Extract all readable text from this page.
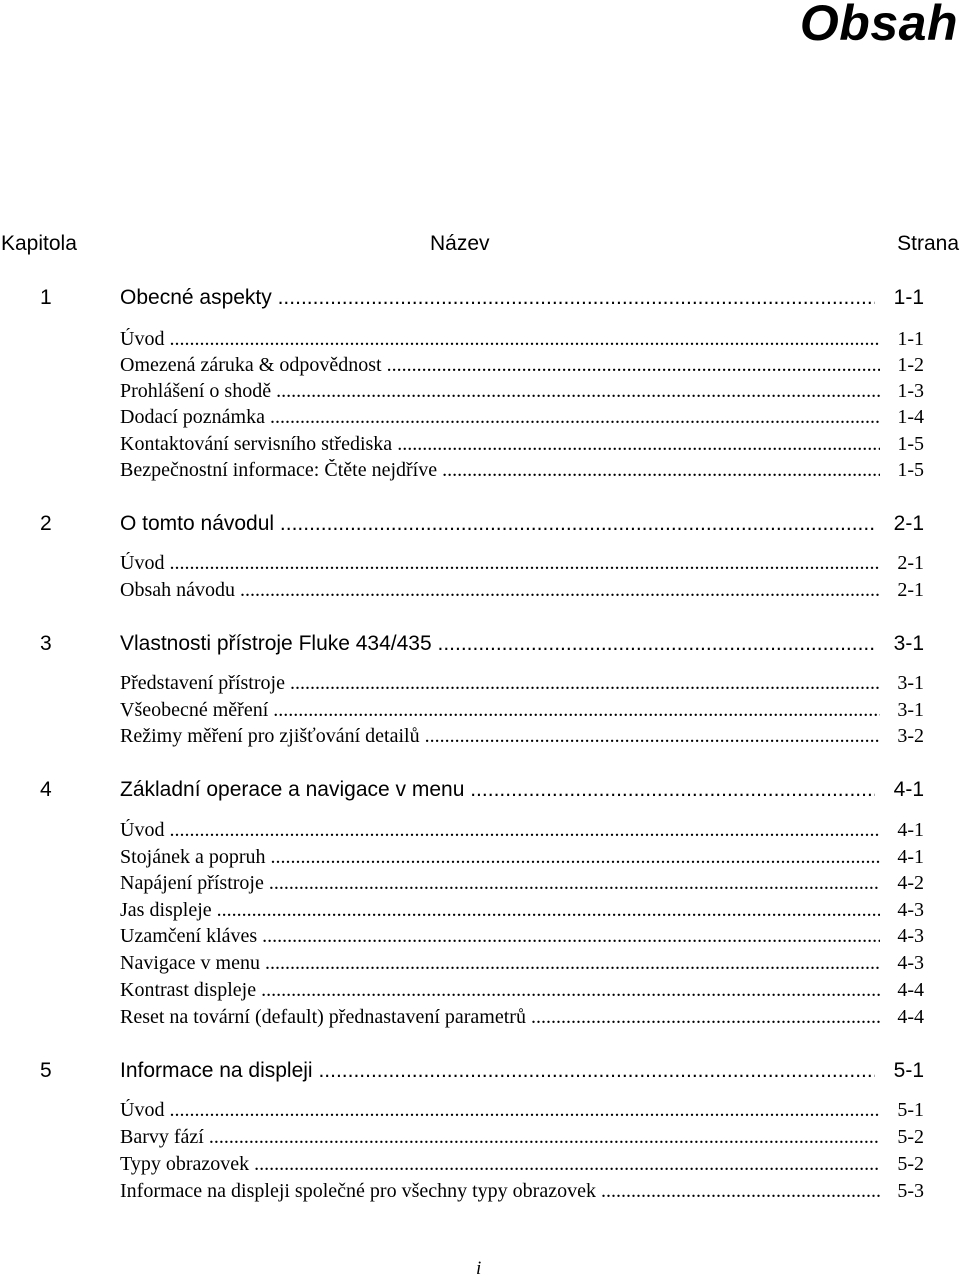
Obsah
Kapitola	Název	Strana
1	Obecné aspekty .....	1-1
Úvod .....	1-1
Omezená záruka & odpovědnost .....	1-2
Prohlášení o shodě .....	1-3
Dodací poznámka .....	1-4
Kontaktování servisního střediska .....	1-5
Bezpečnostní informace: Čtěte nejdříve .....	1-5
2	O tomto návodul .....	2-1
Úvod .....	2-1
Obsah návodu .....	2-1
3	Vlastnosti přístroje Fluke 434/435 .....	3-1
Představení přístroje .....	3-1
Všeobecné měření .....	3-1
Režimy měření pro zjišťování detailů .....	3-2
4	Základní operace a navigace v menu .....	4-1
Úvod .....	4-1
Stojánek a popruh .....	4-1
Napájení přístroje .....	4-2
Jas displeje .....	4-3
Uzamčení kláves .....	4-3
Navigace v menu .....	4-3
Kontrast displeje .....	4-4
Reset na tovární (default) přednastavení parametrů .....	4-4
5	Informace na displeji .....	5-1
Úvod .....	5-1
Barvy fází .....	5-2
Typy obrazovek .....	5-2
Informace na displeji společné pro všechny typy obrazovek .....	5-3
i
